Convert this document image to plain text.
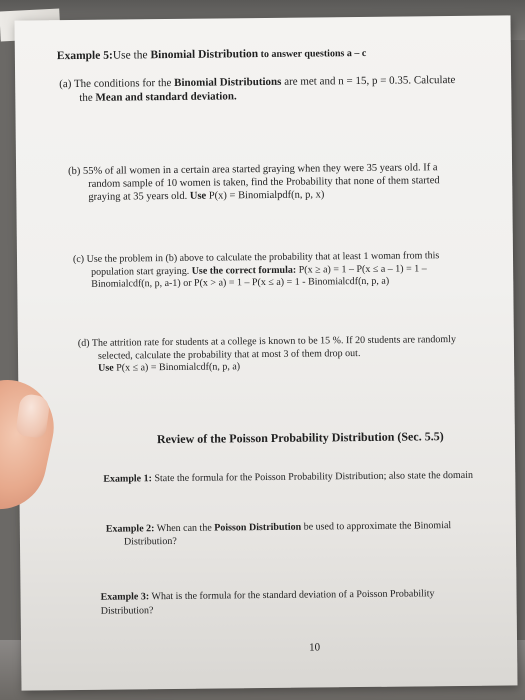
Example 5:Use the Binomial Distribution to answer questions a – c
(a) The conditions for the Binomial Distributions are met and n = 15, p = 0.35. Calculate
the Mean and standard deviation.
(b) 55% of all women in a certain area started graying when they were 35 years old. If a
random sample of 10 women is taken, find the Probability that none of them started
graying at 35 years old. Use P(x) = Binomialpdf(n, p, x)
(c) Use the problem in (b) above to calculate the probability that at least 1 woman from this
population start graying. Use the correct formula: P(x ≥ a) = 1 – P(x ≤ a – 1) = 1 –
Binomialcdf(n, p, a-1) or P(x > a) = 1 – P(x ≤ a) = 1 - Binomialcdf(n, p, a)
(d) The attrition rate for students at a college is known to be 15 %. If 20 students are randomly
selected, calculate the probability that at most 3 of them drop out.
Use P(x ≤ a) = Binomialcdf(n, p, a)
Review of the Poisson Probability Distribution (Sec. 5.5)
Example 1: State the formula for the Poisson Probability Distribution; also state the domain
Example 2: When can the Poisson Distribution be used to approximate the Binomial
Distribution?
Example 3: What is the formula for the standard deviation of a Poisson Probability
Distribution?
10
